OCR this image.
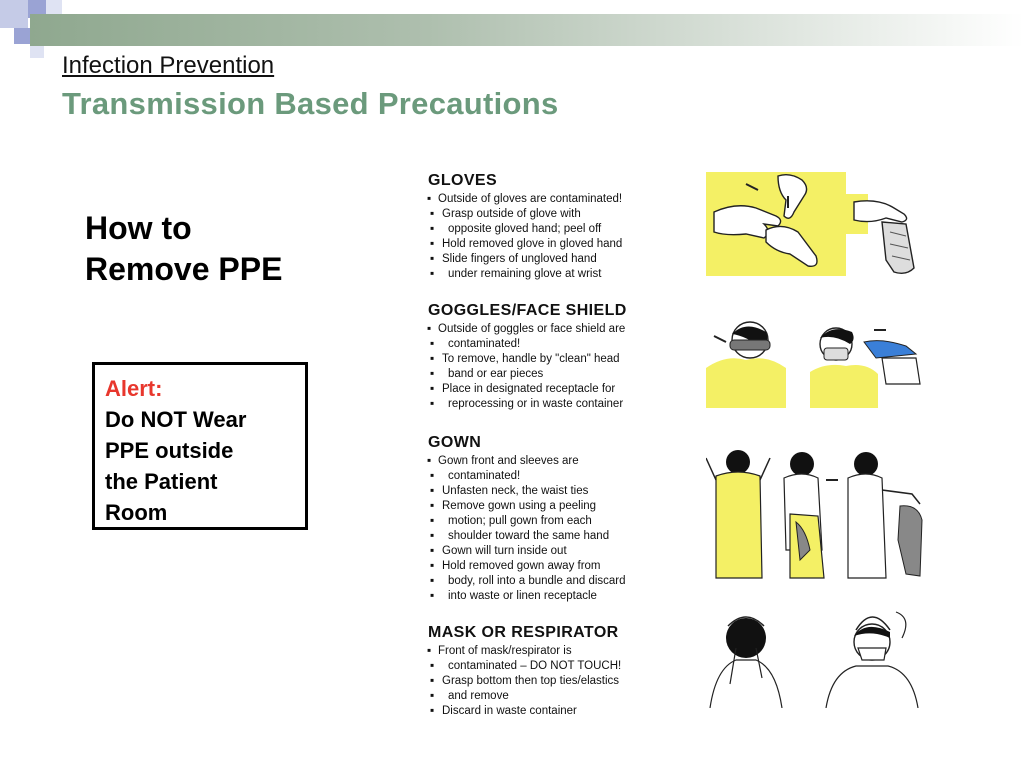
Infection Prevention
Transmission Based Precautions
How to
Remove PPE
Alert:
Do NOT Wear
PPE outside
the Patient
Room
GLOVES
▪ Outside of gloves are contaminated!
▪ Grasp outside of glove with
▪ opposite gloved hand; peel off
▪ Hold removed glove in gloved hand
▪ Slide fingers of ungloved hand
▪ under remaining glove at wrist
GOGGLES/FACE SHIELD
▪ Outside of goggles or face shield are
▪ contaminated!
▪ To remove, handle by "clean" head
▪ band or ear pieces
▪ Place in designated receptacle for
▪ reprocessing or in waste container
GOWN
▪ Gown front and sleeves are
▪ contaminated!
▪ Unfasten neck, the waist ties
▪ Remove gown using a peeling
▪ motion; pull gown from each
▪ shoulder toward the same hand
▪ Gown will turn inside out
▪ Hold removed gown away from
▪ body, roll into a bundle and discard
▪ into waste or linen receptacle
MASK OR RESPIRATOR
▪ Front of mask/respirator is
▪ contaminated – DO NOT TOUCH!
▪ Grasp bottom then top ties/elastics
▪ and remove
▪ Discard in waste container
